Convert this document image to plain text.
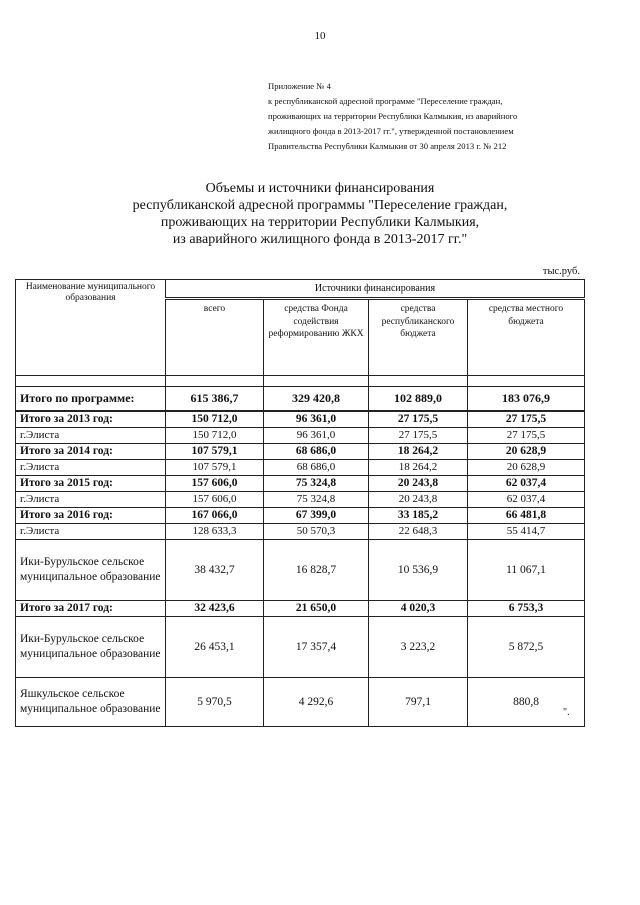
10
Приложение № 4
к республиканской адресной программе "Переселение граждан,
проживающих на территории Республики Калмыкия, из аварийного
жилищного фонда в 2013-2017 гг.", утвержденной постановлением
Правительства Республики Калмыкия от 30 апреля 2013 г. № 212
Объемы и источники финансирования
республиканской адресной программы "Переселение граждан,
проживающих на территории Республики Калмыкия,
из аварийного жилищного фонда в 2013-2017 гг."
тыс.руб.
Наименование муниципального образования	Источники финансирования			
	всего	средства Фонда содействия реформированию ЖКХ	средства республиканского бюджета	средства местного бюджета

Итого по программе:	615 386,7	329 420,8	102 889,0	183 076,9
Итого за 2013 год:	150 712,0	96 361,0	27 175,5	27 175,5
г.Элиста	150 712,0	96 361,0	27 175,5	27 175,5
Итого за 2014 год:	107 579,1	68 686,0	18 264,2	20 628,9
г.Элиста	107 579,1	68 686,0	18 264,2	20 628,9
Итого за 2015 год:	157 606,0	75 324,8	20 243,8	62 037,4
г.Элиста	157 606,0	75 324,8	20 243,8	62 037,4
Итого за 2016 год:	167 066,0	67 399,0	33 185,2	66 481,8
г.Элиста	128 633,3	50 570,3	22 648,3	55 414,7
Ики-Бурульское сельское муниципальное образование	38 432,7	16 828,7	10 536,9	11 067,1
Итого за 2017 год:	32 423,6	21 650,0	4 020,3	6 753,3
Ики-Бурульское сельское муниципальное образование	26 453,1	17 357,4	3 223,2	5 872,5
Яшкульское сельское муниципальное образование	5 970,5	4 292,6	797,1	880,8
".
